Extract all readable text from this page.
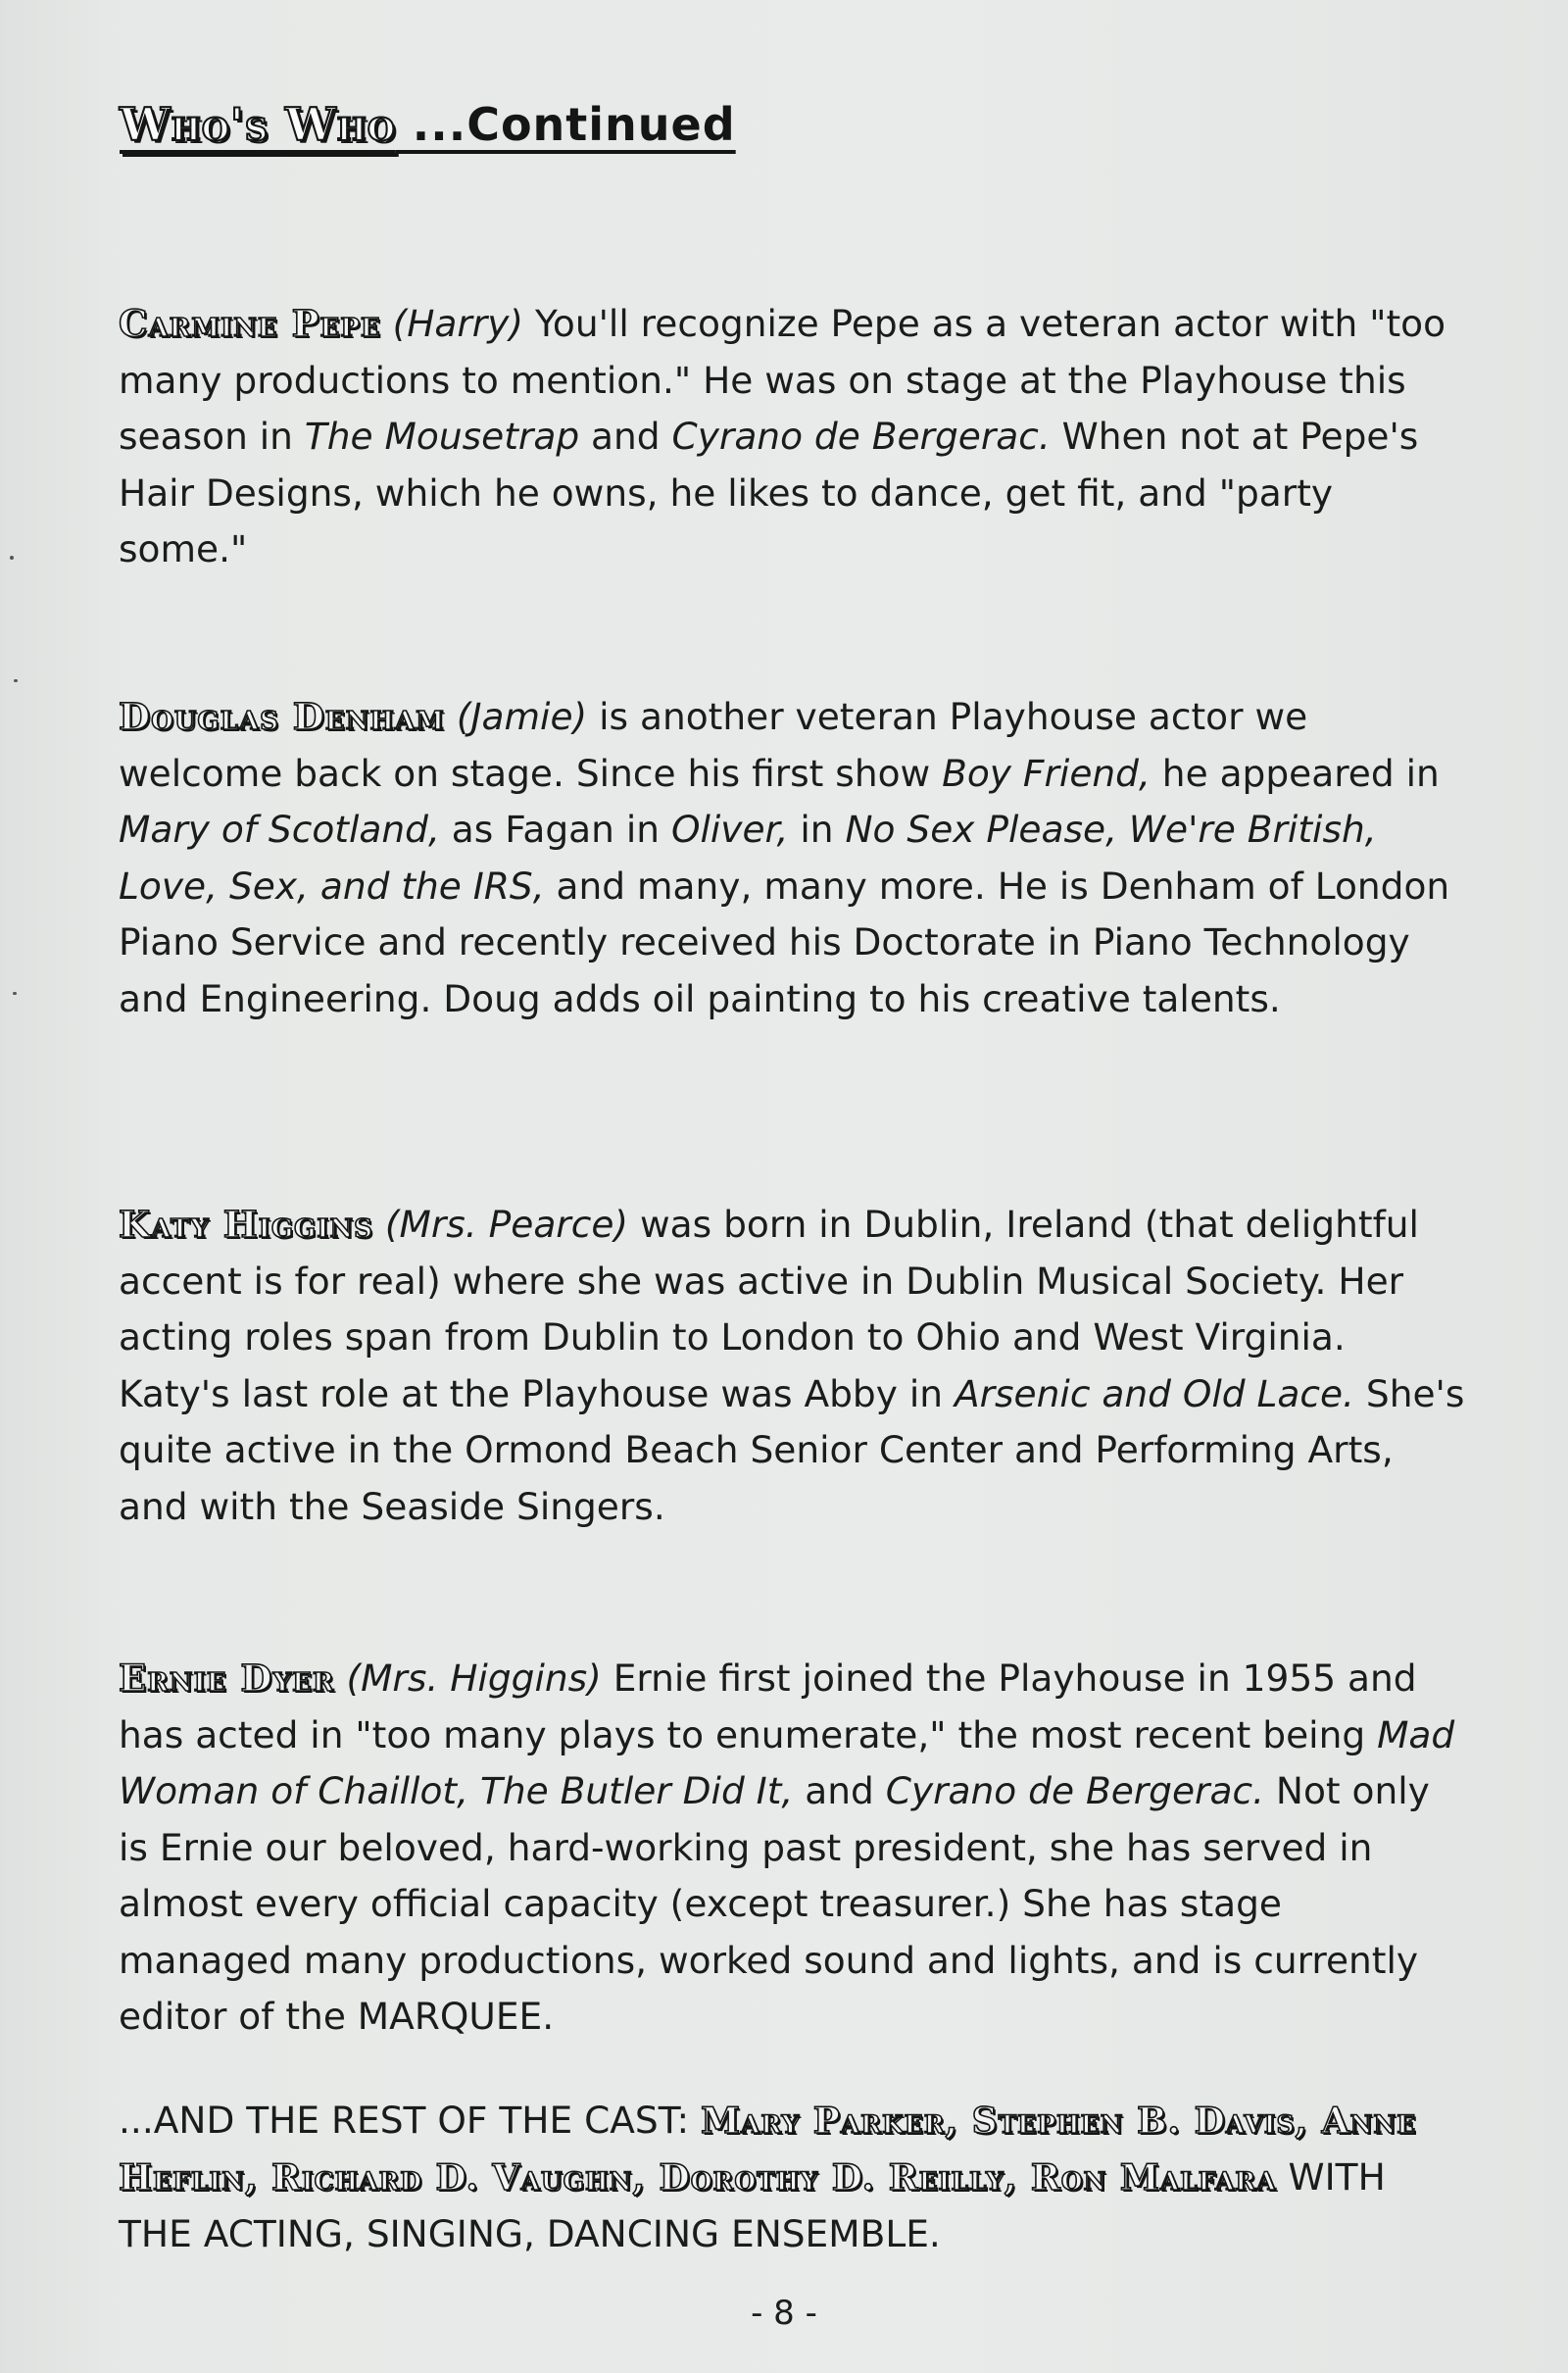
Who's Who ...Continued
Carmine Pepe (Harry) You'll recognize Pepe as a veteran actor with "too many productions to mention." He was on stage at the Playhouse this season in The Mousetrap and Cyrano de Bergerac. When not at Pepe's Hair Designs, which he owns, he likes to dance, get fit, and "party some."
Douglas Denham (Jamie) is another veteran Playhouse actor we welcome back on stage. Since his first show Boy Friend, he appeared in Mary of Scotland, as Fagan in Oliver, in No Sex Please, We're British, Love, Sex, and the IRS, and many, many more. He is Denham of London Piano Service and recently received his Doctorate in Piano Technology and Engineering. Doug adds oil painting to his creative talents.
Katy Higgins (Mrs. Pearce) was born in Dublin, Ireland (that delightful accent is for real) where she was active in Dublin Musical Society. Her acting roles span from Dublin to London to Ohio and West Virginia. Katy's last role at the Playhouse was Abby in Arsenic and Old Lace. She's quite active in the Ormond Beach Senior Center and Performing Arts, and with the Seaside Singers.
Ernie Dyer (Mrs. Higgins) Ernie first joined the Playhouse in 1955 and has acted in "too many plays to enumerate," the most recent being Mad Woman of Chaillot, The Butler Did It, and Cyrano de Bergerac. Not only is Ernie our beloved, hard-working past president, she has served in almost every official capacity (except treasurer.) She has stage managed many productions, worked sound and lights, and is currently editor of the MARQUEE.
...AND THE REST OF THE CAST: Mary Parker, Stephen B. Davis, Anne Heflin, Richard D. Vaughn, Dorothy D. Reilly, Ron Malfara WITH THE ACTING, SINGING, DANCING ENSEMBLE.
- 8 -
